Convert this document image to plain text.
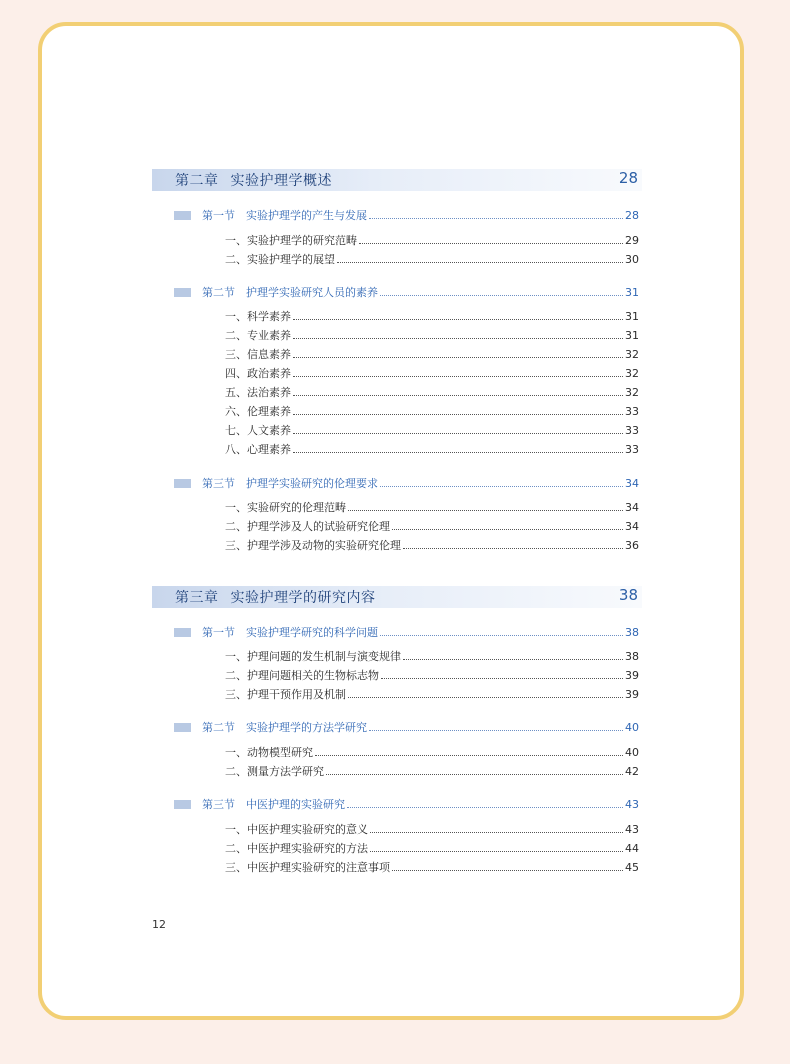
第二章 实验护理学概述	28
第一节 实验护理学的产生与发展	28
一、实验护理学的研究范畴	29
二、实验护理学的展望	30
第二节 护理学实验研究人员的素养	31
一、科学素养	31
二、专业素养	31
三、信息素养	32
四、政治素养	32
五、法治素养	32
六、伦理素养	33
七、人文素养	33
八、心理素养	33
第三节 护理学实验研究的伦理要求	34
一、实验研究的伦理范畴	34
二、护理学涉及人的试验研究伦理	34
三、护理学涉及动物的实验研究伦理	36
第三章 实验护理学的研究内容	38
第一节 实验护理学研究的科学问题	38
一、护理问题的发生机制与演变规律	38
二、护理问题相关的生物标志物	39
三、护理干预作用及机制	39
第二节 实验护理学的方法学研究	40
一、动物模型研究	40
二、测量方法学研究	42
第三节 中医护理的实验研究	43
一、中医护理实验研究的意义	43
二、中医护理实验研究的方法	44
三、中医护理实验研究的注意事项	45
12
